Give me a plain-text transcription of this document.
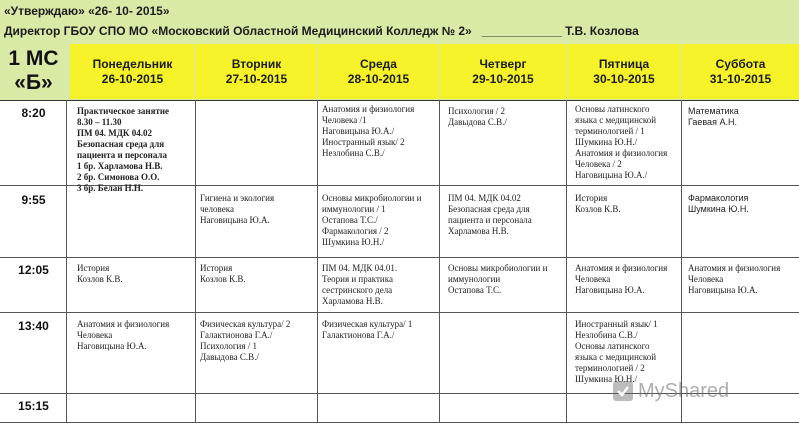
«Утверждаю» «26- 10- 2015»
Директор ГБОУ СПО МО «Московский Областной Медицинский Колледж № 2»   ____________ Т.В. Козлова
1 МС
«Б»
Понедельник
26-10-2015
Вторник
27-10-2015
Среда
28-10-2015
Четверг
29-10-2015
Пятница
30-10-2015
Суббота
31-10-2015
8:20
9:55
12:05
13:40
15:15
Практическое занятие
8.30 – 11.30
ПМ 04. МДК 04.02
Безопасная среда для
пациента и персонала
1 бр. Харламова Н.В.
2 бр. Симонова О.О.
3 бр. Белан Н.Н.
Анатомия и физиология
Человека /1
Наговицына Ю.А./
Иностранный язык/ 2
Незлобина С.В./
Психология / 2
Давыдова С.В./
Основы латинского
языка с медицинской
терминологией / 1
Шумкина Ю.Н./
Анатомия и физиология
Человека / 2
Наговицына Ю.А./
Математика
Гаевая А.Н.
Гигиена и экология
человека
Наговицына Ю.А.
Основы микробиологии и
иммунологии / 1
Остапова Т.С./
Фармакология / 2
Шумкина Ю.Н./
ПМ 04. МДК 04.02
Безопасная среда для
пациента и персонала
Харламова Н.В.
История
Козлов К.В.
Фармакология
Шумкина Ю.Н.
История
Козлов К.В.
История
Козлов К.В.
ПМ 04. МДК 04.01.
Теория и практика
сестринского дела
Харламова Н.В.
Основы микробиологии и
иммунологии
Остапова Т.С.
Анатомия и физиология
Человека
Наговицына Ю.А.
Анатомия и физиология
Человека
Наговицына Ю.А.
Анатомия и физиология
Человека
Наговицына Ю.А.
Физическая культура/ 2
Галактионова Г.А./
Психология / 1
Давыдова С.В./
Физическая культура/ 1
Галактионова Г.А./
Иностранный язык/ 1
Незлобина С.В./
Основы латинского
языка с медицинской
терминологией / 2
Шумкина Ю.Н./
MyShared
